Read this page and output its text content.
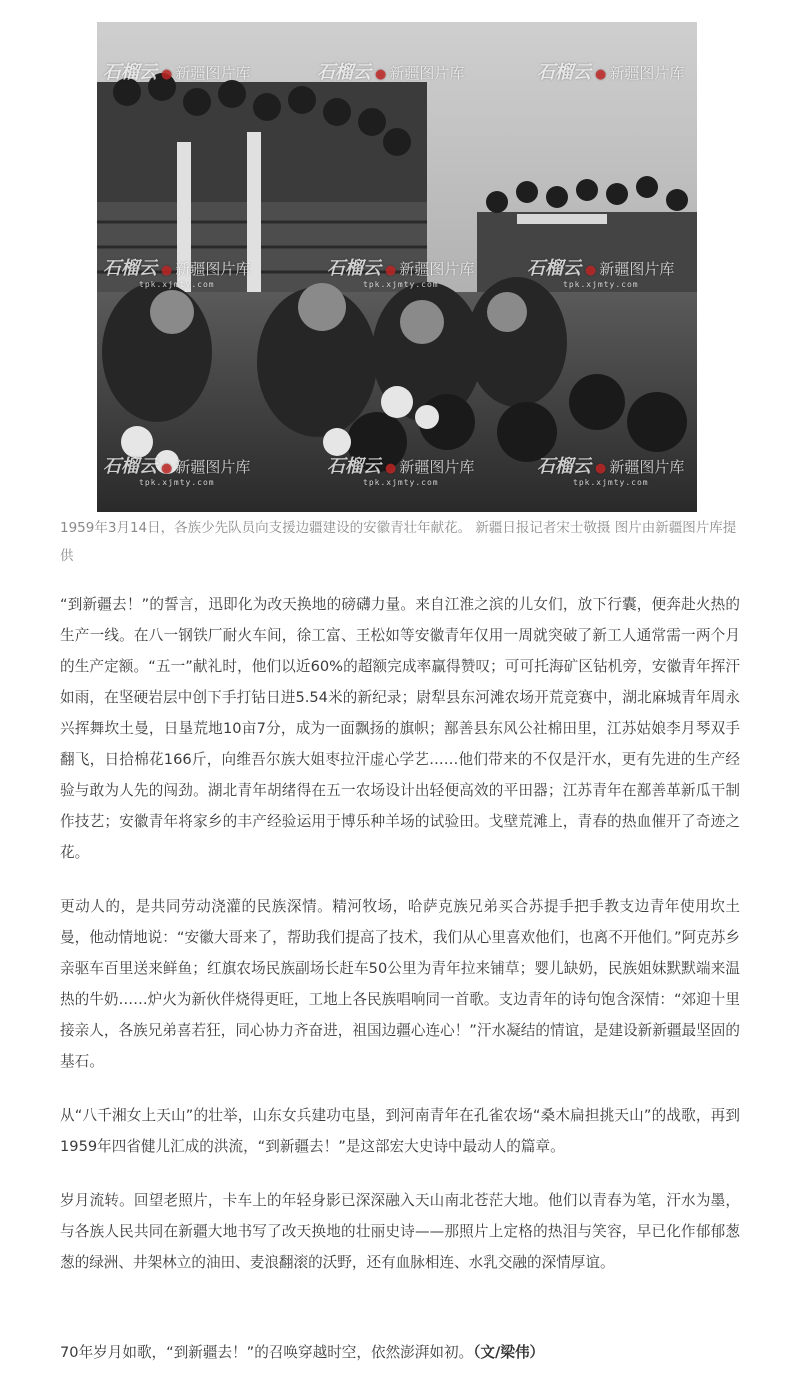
石榴云 ● 新疆图片库	石榴云 ● 新疆图片库	石榴云 ● 新疆图片库
石榴云 ● 新疆图片库
tpk.xjmty.com
石榴云 ● 新疆图片库
tpk.xjmty.com
石榴云 ● 新疆图片库
tpk.xjmty.com
石榴云 ● 新疆图片库
tpk.xjmty.com
石榴云 ● 新疆图片库
tpk.xjmty.com
石榴云 ● 新疆图片库
tpk.xjmty.com

1959年3月14日，各族少先队员向支援边疆建设的安徽青壮年献花。 新疆日报记者宋士敬摄 图片由新疆图片库提供

“到新疆去！”的誓言，迅即化为改天换地的磅礴力量。来自江淮之滨的儿女们，放下行囊，便奔赴火热的生产一线。在八一钢铁厂耐火车间，徐工富、王松如等安徽青年仅用一周就突破了新工人通常需一两个月的生产定额。“五一”献礼时，他们以近60%的超额完成率赢得赞叹；可可托海矿区钻机旁，安徽青年挥汗如雨，在坚硬岩层中创下手打钻日进5.54米的新纪录；尉犁县东河滩农场开荒竞赛中，湖北麻城青年周永兴挥舞坎土曼，日垦荒地10亩7分，成为一面飘扬的旗帜；鄯善县东风公社棉田里，江苏姑娘李月琴双手翻飞，日拾棉花166斤，向维吾尔族大姐枣拉汗虚心学艺……他们带来的不仅是汗水，更有先进的生产经验与敢为人先的闯劲。湖北青年胡绪得在五一农场设计出轻便高效的平田器；江苏青年在鄯善革新瓜干制作技艺；安徽青年将家乡的丰产经验运用于博乐种羊场的试验田。戈壁荒滩上，青春的热血催开了奇迹之花。

更动人的，是共同劳动浇灌的民族深情。精河牧场，哈萨克族兄弟买合苏提手把手教支边青年使用坎土曼，他动情地说：“安徽大哥来了，帮助我们提高了技术，我们从心里喜欢他们，也离不开他们。”阿克苏乡亲驱车百里送来鲜鱼；红旗农场民族副场长赶车50公里为青年拉来铺草；婴儿缺奶，民族姐妹默默端来温热的牛奶……炉火为新伙伴烧得更旺，工地上各民族唱响同一首歌。支边青年的诗句饱含深情：“郊迎十里接亲人，各族兄弟喜若狂，同心协力齐奋进，祖国边疆心连心！”汗水凝结的情谊，是建设新新疆最坚固的基石。

从“八千湘女上天山”的壮举，山东女兵建功屯垦，到河南青年在孔雀农场“桑木扁担挑天山”的战歌，再到1959年四省健儿汇成的洪流，“到新疆去！”是这部宏大史诗中最动人的篇章。

岁月流转。回望老照片，卡车上的年轻身影已深深融入天山南北苍茫大地。他们以青春为笔，汗水为墨，与各族人民共同在新疆大地书写了改天换地的壮丽史诗——那照片上定格的热泪与笑容，早已化作郁郁葱葱的绿洲、井架林立的油田、麦浪翻滚的沃野，还有血脉相连、水乳交融的深情厚谊。

70年岁月如歌，“到新疆去！”的召唤穿越时空，依然澎湃如初。（文/梁伟）
